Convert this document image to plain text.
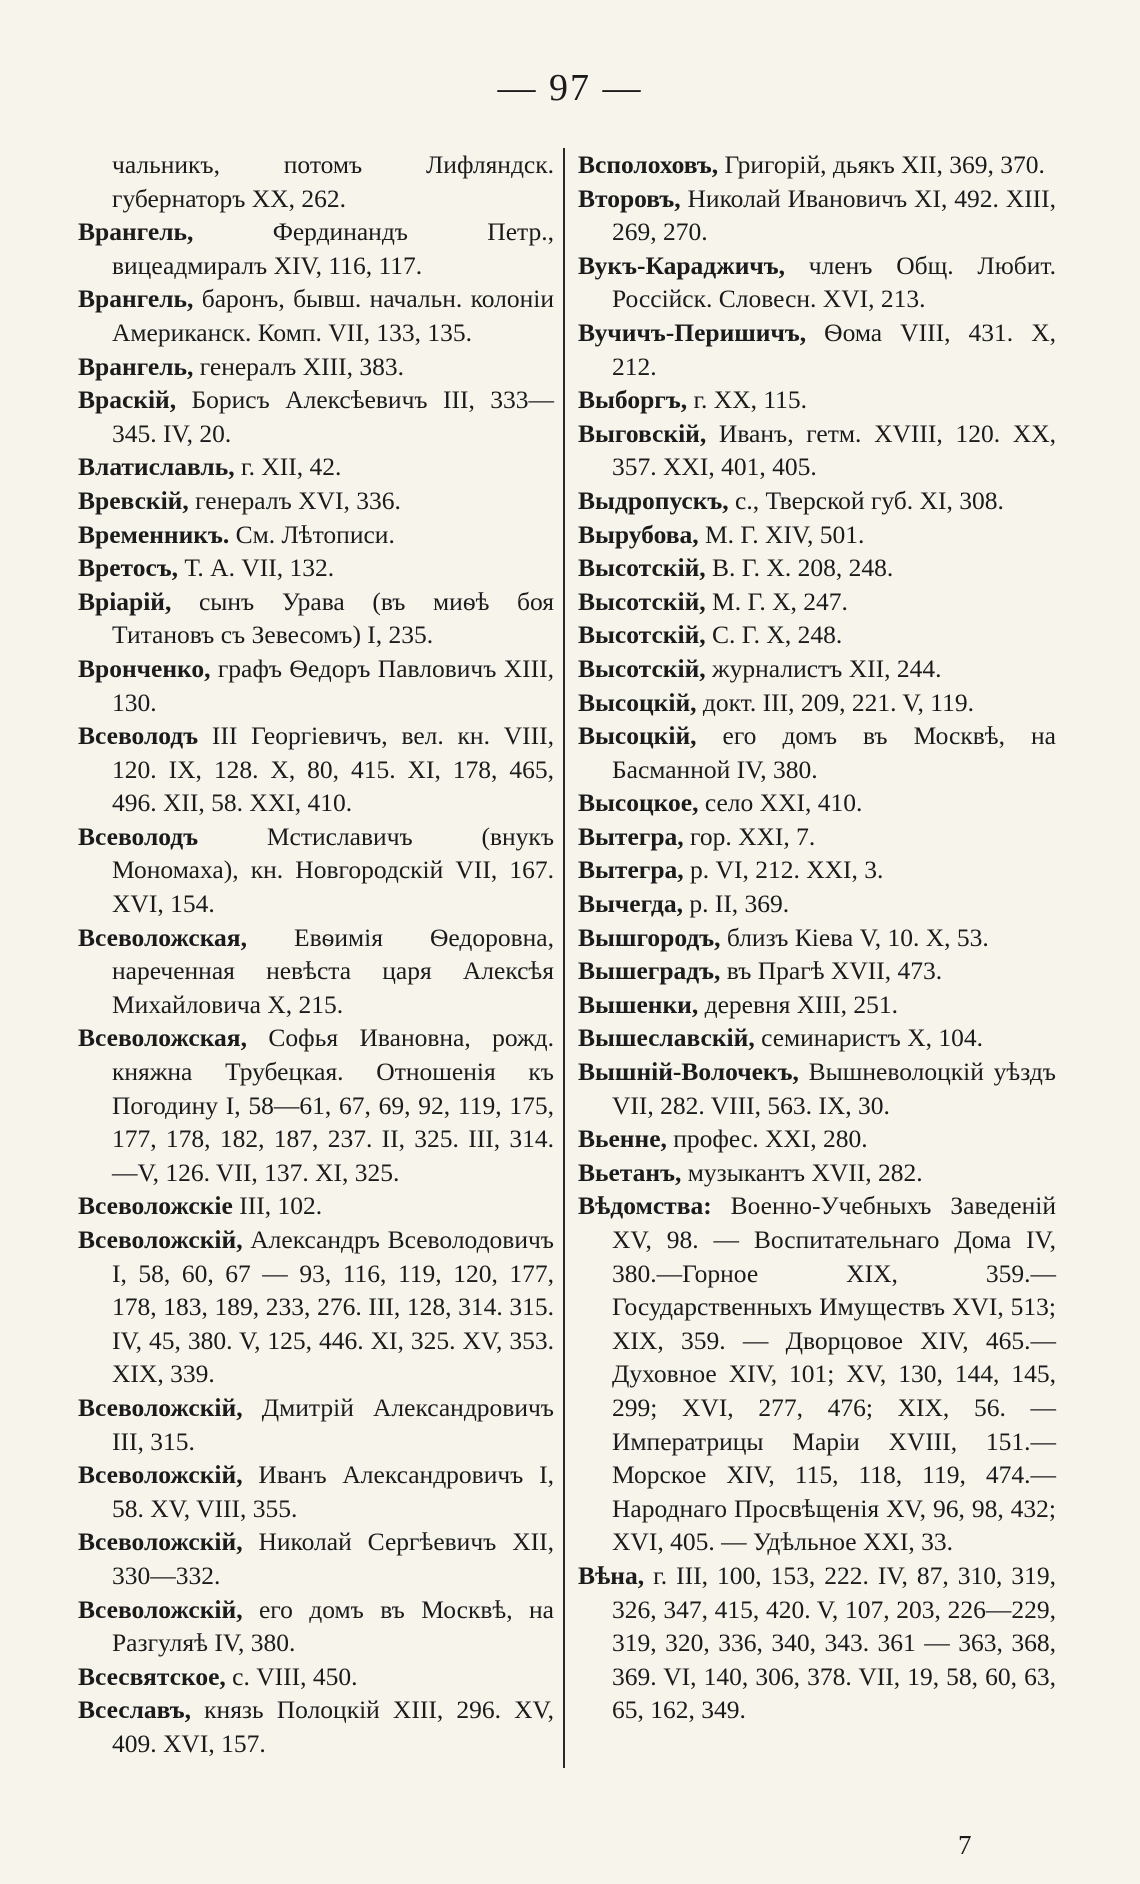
— 97 —

чальникъ, потомъ Лифляндск. губернаторъ XX, 262.

Врангель, Фердинандъ Петр., вицеадмиралъ XIV, 116, 117.

Врангель, баронъ, бывш. начальн. колоніи Американск. Комп. VII, 133, 135.

Врангель, генералъ XIII, 383.

Враскій, Борисъ Алексѣевичъ III, 333—345. IV, 20.

Влатиславль, г. XII, 42.

Вревскій, генералъ XVI, 336.

Временникъ. См. Лѣтописи.

Вретосъ, Т. А. VII, 132.

Вріарій, сынъ Урава (въ миѳѣ боя Титановъ съ Зевесомъ) I, 235.

Вронченко, графъ Ѳедоръ Павловичъ XIII, 130.

Всеволодъ III Георгіевичъ, вел. кн. VIII, 120. IX, 128. X, 80, 415. XI, 178, 465, 496. XII, 58. XXI, 410.

Всеволодъ Мстиславичъ (внукъ Мономаха), кн. Новгородскій VII, 167. XVI, 154.

Всеволожская, Евѳимія Ѳедоровна, нареченная невѣста царя Алексѣя Михайловича X, 215.

Всеволожская, Софья Ивановна, рожд. княжна Трубецкая. Отношенія къ Погодину I, 58—61, 67, 69, 92, 119, 175, 177, 178, 182, 187, 237. II, 325. III, 314.—V, 126. VII, 137. XI, 325.

Всеволожскіе III, 102.

Всеволожскій, Александръ Всеволодовичъ I, 58, 60, 67 — 93, 116, 119, 120, 177, 178, 183, 189, 233, 276. III, 128, 314. 315. IV, 45, 380. V, 125, 446. XI, 325. XV, 353. XIX, 339.

Всеволожскій, Дмитрій Александровичъ III, 315.

Всеволожскій, Иванъ Александровичъ I, 58. XV, VIII, 355.

Всеволожскій, Николай Сергѣевичъ XII, 330—332.

Всеволожскій, его домъ въ Москвѣ, на Разгуляѣ IV, 380.

Всесвятское, с. VIII, 450.

Всеславъ, князь Полоцкій XIII, 296. XV, 409. XVI, 157.

Всполоховъ, Григорій, дьякъ XII, 369, 370.

Второвъ, Николай Ивановичъ XI, 492. XIII, 269, 270.

Вукъ-Караджичъ, членъ Общ. Любит. Россійск. Словесн. XVI, 213.

Вучичъ-Перишичъ, Ѳома VIII, 431. X, 212.

Выборгъ, г. XX, 115.

Выговскій, Иванъ, гетм. XVIII, 120. XX, 357. XXI, 401, 405.

Выдропускъ, с., Тверской губ. XI, 308.

Вырубова, М. Г. XIV, 501.

Высотскій, В. Г. X. 208, 248.

Высотскій, М. Г. X, 247.

Высотскій, С. Г. X, 248.

Высотскій, журналистъ XII, 244.

Высоцкій, докт. III, 209, 221. V, 119.

Высоцкій, его домъ въ Москвѣ, на Басманной IV, 380.

Высоцкое, село XXI, 410.

Вытегра, гор. XXI, 7.

Вытегра, р. VI, 212. XXI, 3.

Вычегда, р. II, 369.

Вышгородъ, близъ Кіева V, 10. X, 53.

Вышеградъ, въ Прагѣ XVII, 473.

Вышенки, деревня XIII, 251.

Вышеславскій, семинаристъ X, 104.

Вышній-Волочекъ, Вышневолоцкій уѣздъ VII, 282. VIII, 563. IX, 30.

Вьенне, профес. XXI, 280.

Вьетанъ, музыкантъ XVII, 282.

Вѣдомства: Военно-Учебныхъ Заведеній XV, 98. — Воспитательнаго Дома IV, 380.—Горное XIX, 359.— Государственныхъ Имуществъ XVI, 513; XIX, 359. — Дворцовое XIV, 465.—Духовное XIV, 101; XV, 130, 144, 145, 299; XVI, 277, 476; XIX, 56. — Императрицы Маріи XVIII, 151.—Морское XIV, 115, 118, 119, 474.—Народнаго Просвѣщенія XV, 96, 98, 432; XVI, 405. — Удѣльное XXI, 33.

Вѣна, г. III, 100, 153, 222. IV, 87, 310, 319, 326, 347, 415, 420. V, 107, 203, 226—229, 319, 320, 336, 340, 343. 361 — 363, 368, 369. VI, 140, 306, 378. VII, 19, 58, 60, 63, 65, 162, 349.

7
